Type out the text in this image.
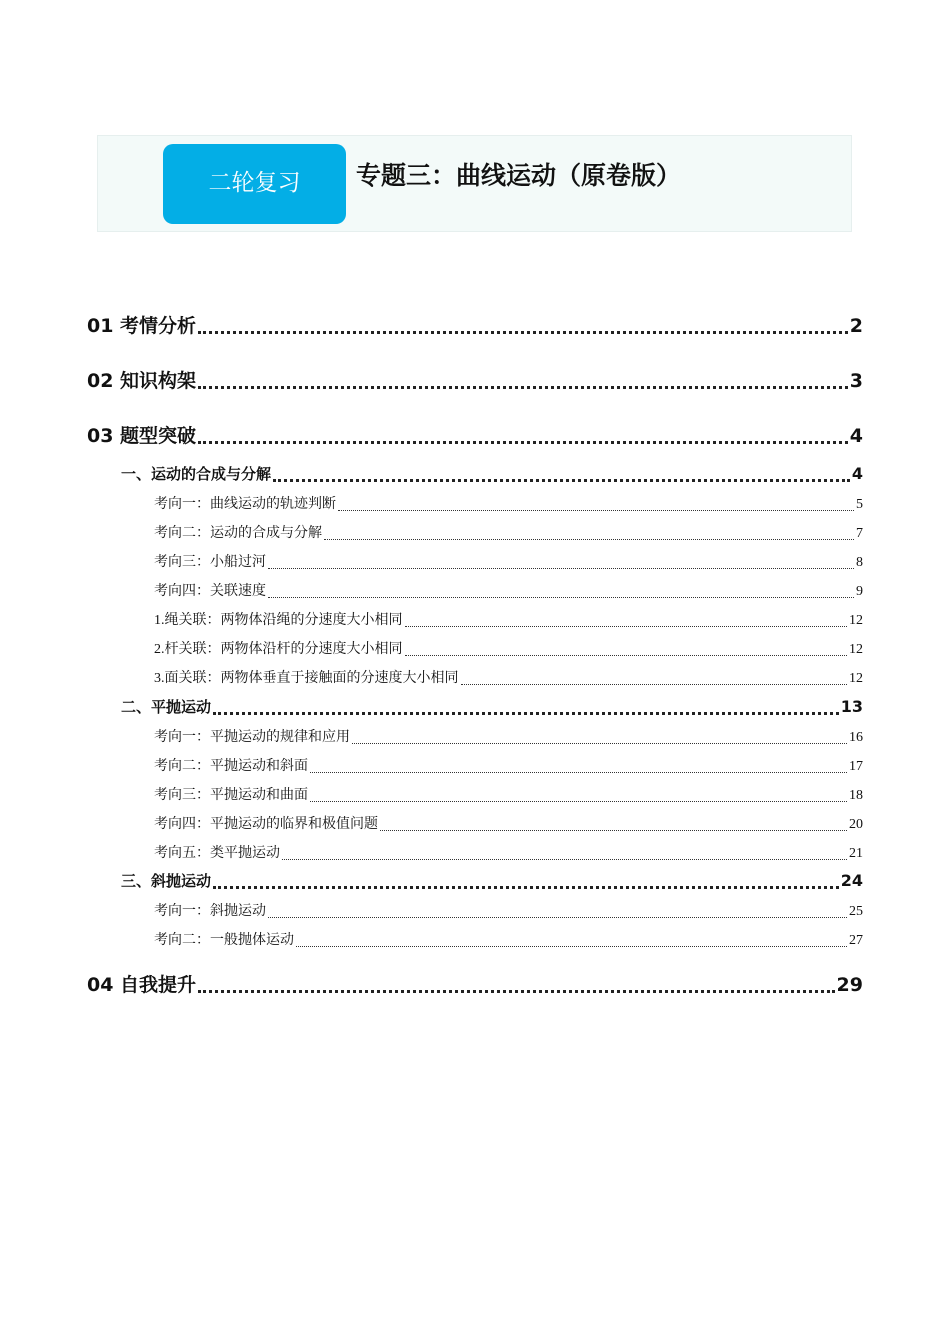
二轮复习	专题三：曲线运动（原卷版）
01 考情分析	2
02 知识构架	3
03 题型突破	4
一、运动的合成与分解	4
考向一：曲线运动的轨迹判断	5
考向二：运动的合成与分解	7
考向三：小船过河	8
考向四：关联速度	9
1.绳关联：两物体沿绳的分速度大小相同	12
2.杆关联：两物体沿杆的分速度大小相同	12
3.面关联：两物体垂直于接触面的分速度大小相同	12
二、平抛运动	13
考向一：平抛运动的规律和应用	16
考向二：平抛运动和斜面	17
考向三：平抛运动和曲面	18
考向四：平抛运动的临界和极值问题	20
考向五：类平抛运动	21
三、斜抛运动	24
考向一：斜抛运动	25
考向二：一般抛体运动	27
04 自我提升	29
